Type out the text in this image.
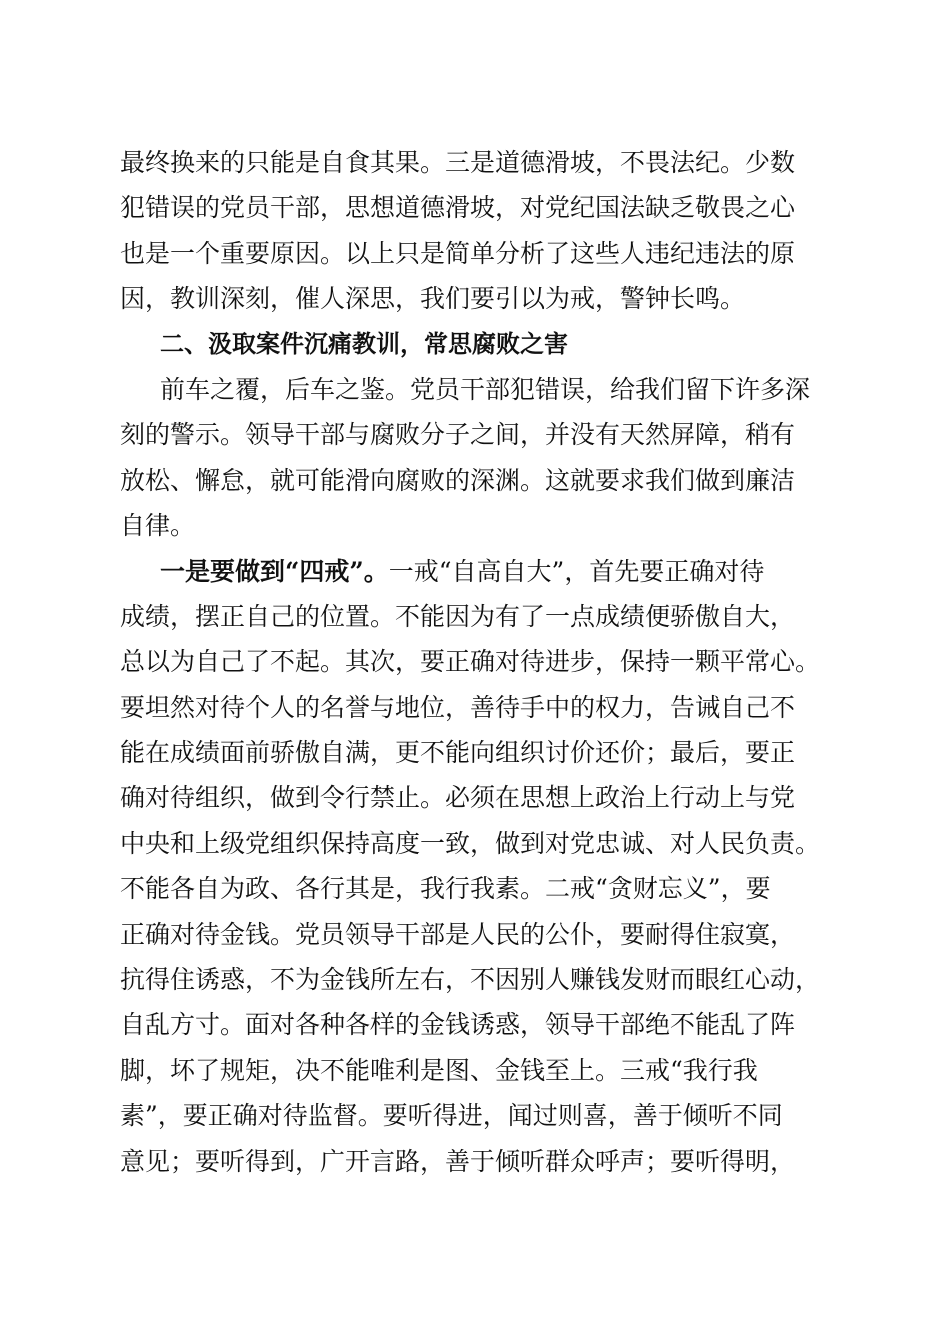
最终换来的只能是自食其果。三是道德滑坡，不畏法纪。少数
犯错误的党员干部，思想道德滑坡，对党纪国法缺乏敬畏之心
也是一个重要原因。以上只是简单分析了这些人违纪违法的原
因，教训深刻，催人深思，我们要引以为戒，警钟长鸣。
二、汲取案件沉痛教训，常思腐败之害
前车之覆，后车之鉴。党员干部犯错误，给我们留下许多深
刻的警示。领导干部与腐败分子之间，并没有天然屏障，稍有
放松、懈怠，就可能滑向腐败的深渊。这就要求我们做到廉洁
自律。
一是要做到“四戒”。一戒“自高自大”，首先要正确对待
成绩，摆正自己的位置。不能因为有了一点成绩便骄傲自大，
总以为自己了不起。其次，要正确对待进步，保持一颗平常心。
要坦然对待个人的名誉与地位，善待手中的权力，告诫自己不
能在成绩面前骄傲自满，更不能向组织讨价还价；最后，要正
确对待组织，做到令行禁止。必须在思想上政治上行动上与党
中央和上级党组织保持高度一致，做到对党忠诚、对人民负责。
不能各自为政、各行其是，我行我素。二戒“贪财忘义”，要
正确对待金钱。党员领导干部是人民的公仆，要耐得住寂寞，
抗得住诱惑，不为金钱所左右，不因别人赚钱发财而眼红心动，
自乱方寸。面对各种各样的金钱诱惑，领导干部绝不能乱了阵
脚，坏了规矩，决不能唯利是图、金钱至上。三戒“我行我
素”，要正确对待监督。要听得进，闻过则喜，善于倾听不同
意见；要听得到，广开言路，善于倾听群众呼声；要听得明，
